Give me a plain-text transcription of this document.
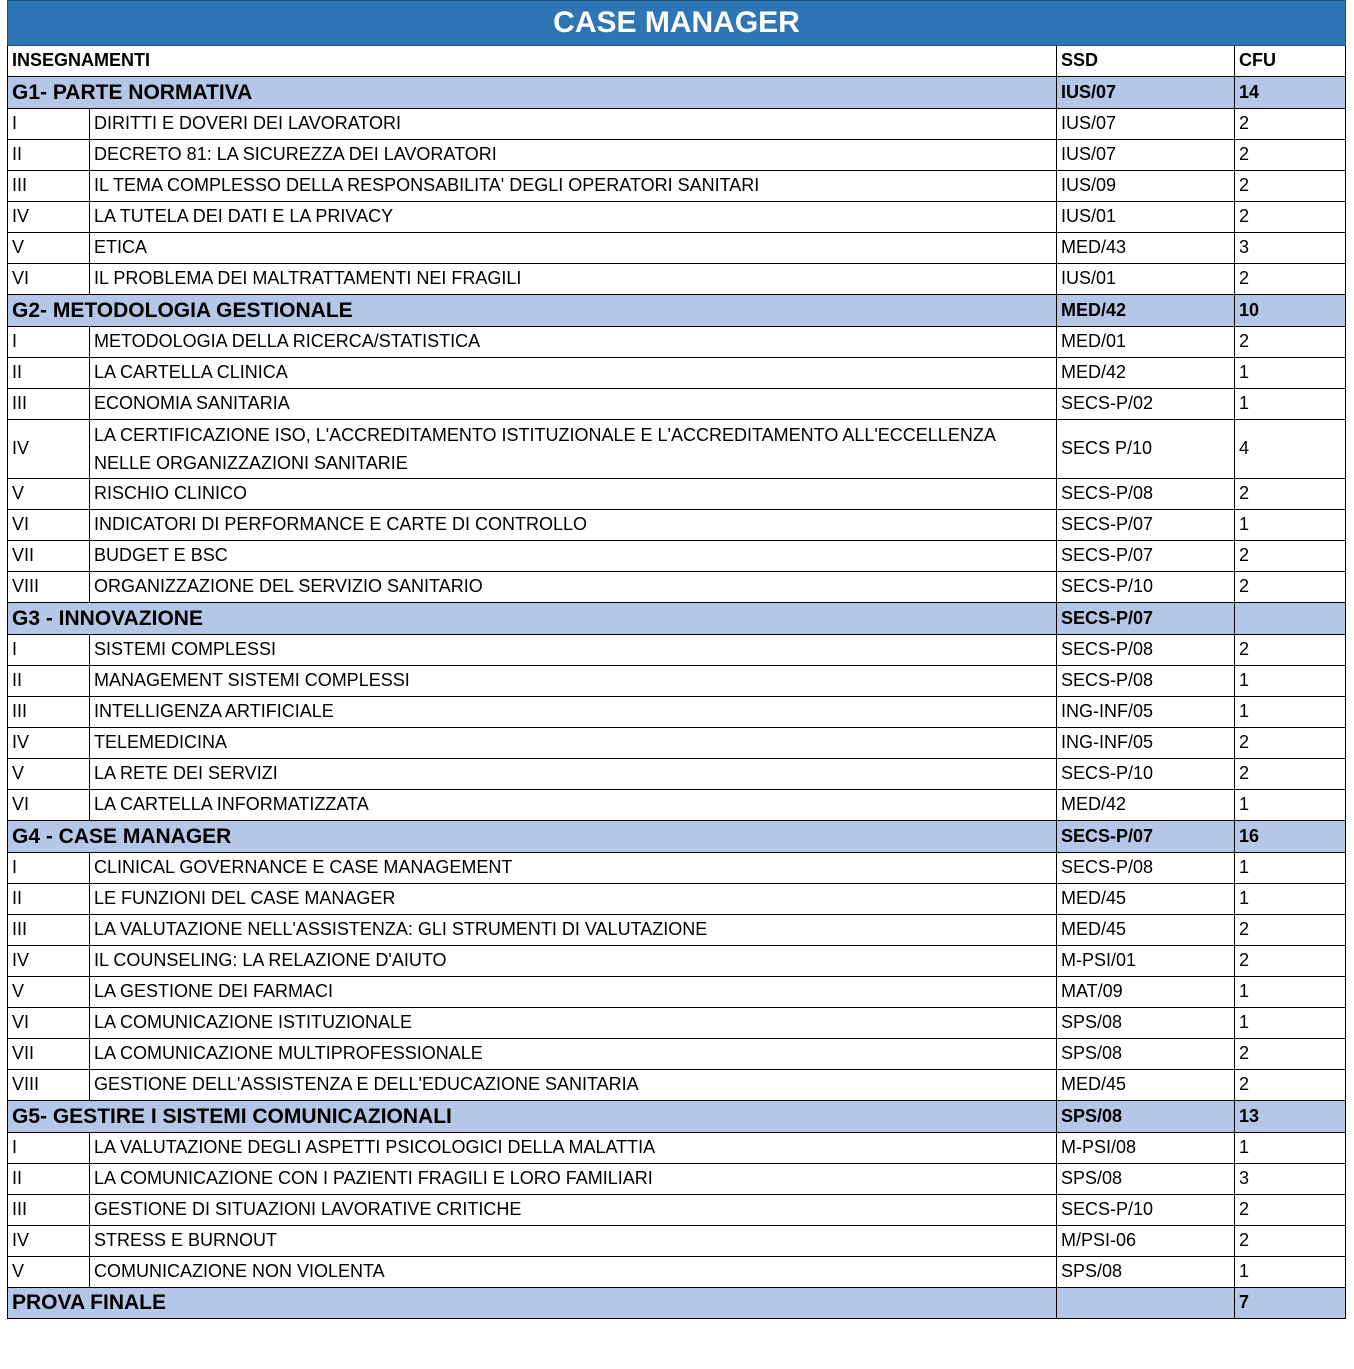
CASE MANAGER			
INSEGNAMENTI		SSD	CFU
G1- PARTE NORMATIVA		IUS/07	14
I	DIRITTI E DOVERI DEI LAVORATORI	IUS/07	2
II	DECRETO 81: LA SICUREZZA DEI LAVORATORI	IUS/07	2
III	IL TEMA COMPLESSO DELLA RESPONSABILITA' DEGLI OPERATORI SANITARI	IUS/09	2
IV	LA TUTELA DEI DATI E LA PRIVACY	IUS/01	2
V	ETICA	MED/43	3
VI	IL PROBLEMA DEI MALTRATTAMENTI NEI FRAGILI	IUS/01	2
G2- METODOLOGIA GESTIONALE		MED/42	10
I	METODOLOGIA DELLA RICERCA/STATISTICA	MED/01	2
II	LA CARTELLA CLINICA	MED/42	1
III	ECONOMIA SANITARIA	SECS-P/02	1
IV	LA CERTIFICAZIONE ISO, L'ACCREDITAMENTO ISTITUZIONALE E L'ACCREDITAMENTO ALL'ECCELLENZA NELLE ORGANIZZAZIONI SANITARIE	SECS P/10	4
V	RISCHIO CLINICO	SECS-P/08	2
VI	INDICATORI DI PERFORMANCE E CARTE DI CONTROLLO	SECS-P/07	1
VII	BUDGET E BSC	SECS-P/07	2
VIII	ORGANIZZAZIONE DEL SERVIZIO SANITARIO	SECS-P/10	2
G3 - INNOVAZIONE		SECS-P/07	
I	SISTEMI COMPLESSI	SECS-P/08	2
II	MANAGEMENT SISTEMI COMPLESSI	SECS-P/08	1
III	INTELLIGENZA ARTIFICIALE	ING-INF/05	1
IV	TELEMEDICINA	ING-INF/05	2
V	LA RETE DEI SERVIZI	SECS-P/10	2
VI	LA CARTELLA INFORMATIZZATA	MED/42	1
G4 - CASE MANAGER		SECS-P/07	16
I	CLINICAL GOVERNANCE E CASE MANAGEMENT	SECS-P/08	1
II	LE FUNZIONI DEL CASE MANAGER	MED/45	1
III	LA VALUTAZIONE NELL'ASSISTENZA: GLI STRUMENTI DI VALUTAZIONE	MED/45	2
IV	IL COUNSELING: LA RELAZIONE D'AIUTO	M-PSI/01	2
V	LA GESTIONE DEI FARMACI	MAT/09	1
VI	LA COMUNICAZIONE ISTITUZIONALE	SPS/08	1
VII	LA COMUNICAZIONE MULTIPROFESSIONALE	SPS/08	2
VIII	GESTIONE DELL'ASSISTENZA E DELL'EDUCAZIONE SANITARIA	MED/45	2
G5- GESTIRE I SISTEMI COMUNICAZIONALI		SPS/08	13
I	LA VALUTAZIONE DEGLI ASPETTI PSICOLOGICI DELLA MALATTIA	M-PSI/08	1
II	LA COMUNICAZIONE CON I PAZIENTI FRAGILI E LORO FAMILIARI	SPS/08	3
III	GESTIONE DI SITUAZIONI LAVORATIVE CRITICHE	SECS-P/10	2
IV	STRESS E BURNOUT	M/PSI-06	2
V	COMUNICAZIONE NON VIOLENTA	SPS/08	1
PROVA FINALE			7
